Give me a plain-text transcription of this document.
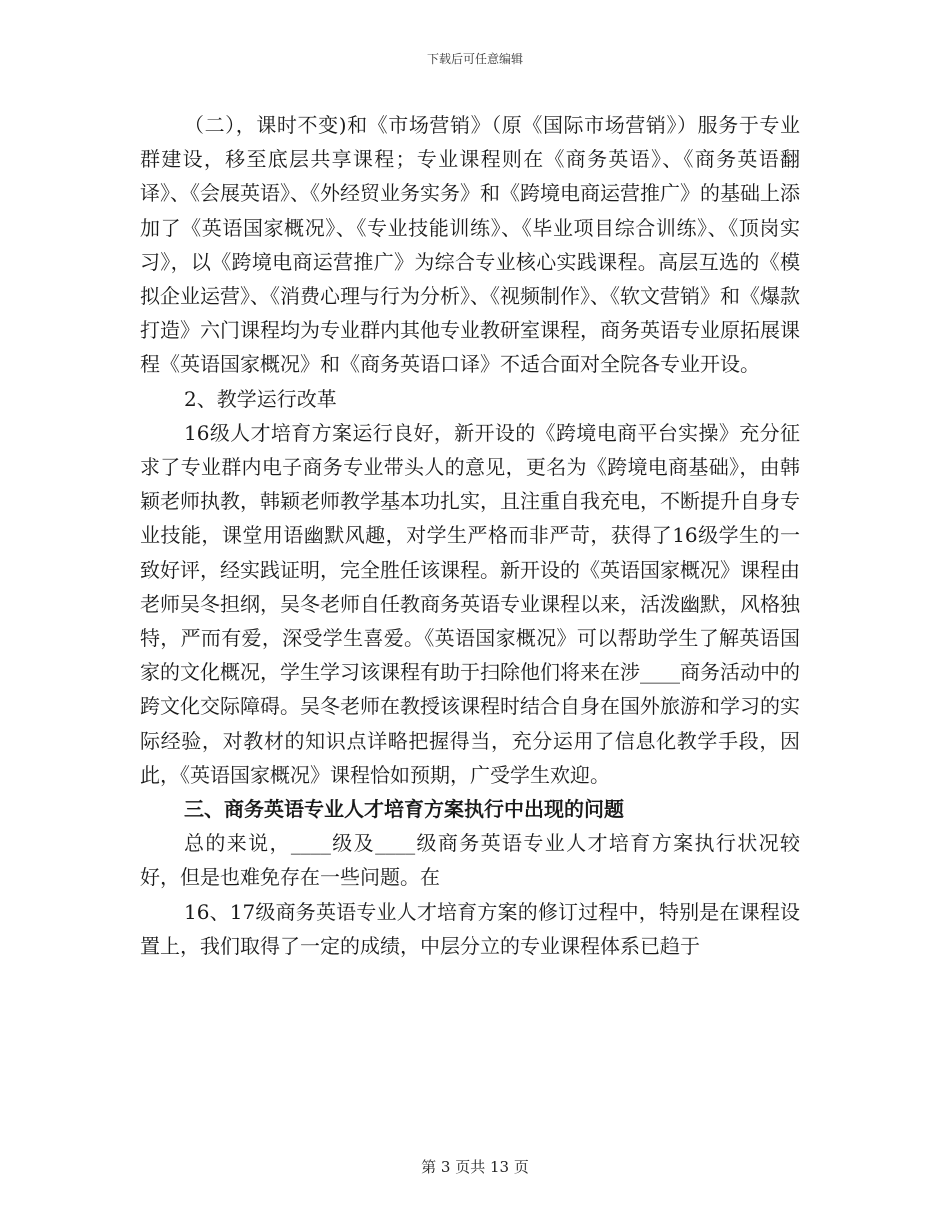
下载后可任意编辑

（二），课时不变)和《市场营销》（原《国际市场营销》）服务于专业群建设，移至底层共享课程；专业课程则在《商务英语》、《商务英语翻译》、《会展英语》、《外经贸业务实务》和《跨境电商运营推广》的基础上添加了《英语国家概况》、《专业技能训练》、《毕业项目综合训练》、《顶岗实习》，以《跨境电商运营推广》为综合专业核心实践课程。高层互选的《模拟企业运营》、《消费心理与行为分析》、《视频制作》、《软文营销》和《爆款打造》六门课程均为专业群内其他专业教研室课程，商务英语专业原拓展课程《英语国家概况》和《商务英语口译》不适合面对全院各专业开设。

2、教学运行改革

16级人才培育方案运行良好，新开设的《跨境电商平台实操》充分征求了专业群内电子商务专业带头人的意见，更名为《跨境电商基础》，由韩颖老师执教，韩颖老师教学基本功扎实，且注重自我充电，不断提升自身专业技能，课堂用语幽默风趣，对学生严格而非严苛，获得了16级学生的一致好评，经实践证明，完全胜任该课程。新开设的《英语国家概况》课程由老师吴冬担纲，吴冬老师自任教商务英语专业课程以来，活泼幽默，风格独特，严而有爱，深受学生喜爱。《英语国家概况》可以帮助学生了解英语国家的文化概况，学生学习该课程有助于扫除他们将来在涉____商务活动中的跨文化交际障碍。吴冬老师在教授该课程时结合自身在国外旅游和学习的实际经验，对教材的知识点详略把握得当，充分运用了信息化教学手段，因此，《英语国家概况》课程恰如预期，广受学生欢迎。

三、商务英语专业人才培育方案执行中出现的问题

总的来说，____级及____级商务英语专业人才培育方案执行状况较好，但是也难免存在一些问题。在

16、17级商务英语专业人才培育方案的修订过程中，特别是在课程设置上，我们取得了一定的成绩，中层分立的专业课程体系已趋于

第 3 页共 13 页
